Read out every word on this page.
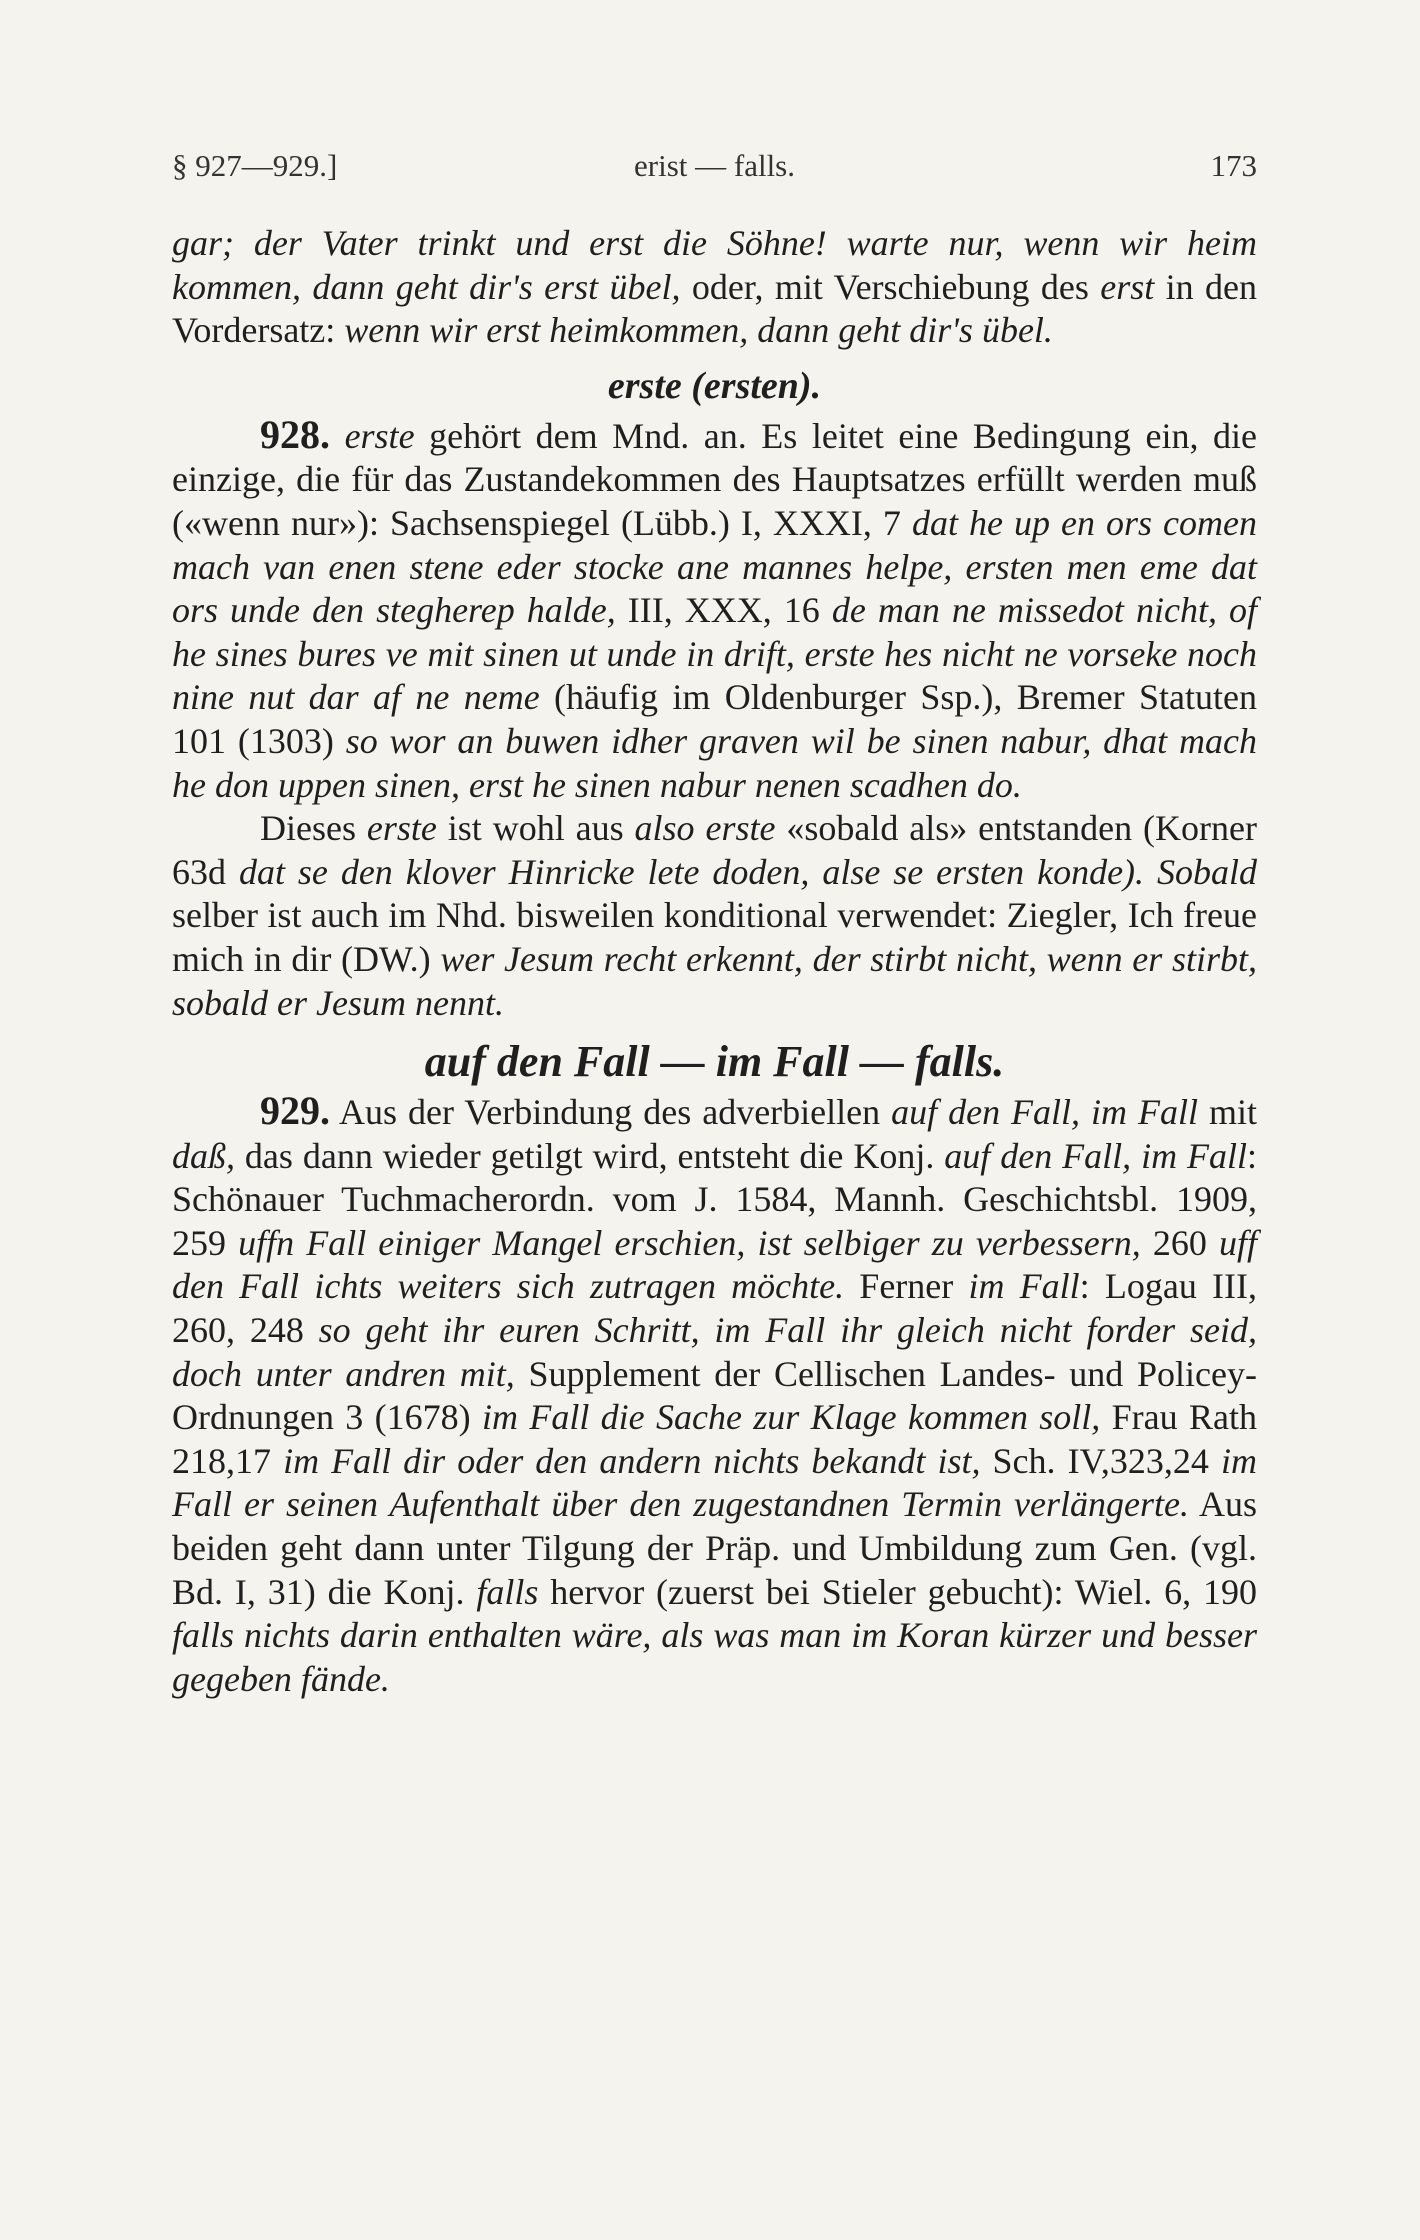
§ 927—929.]	erist — falls.	173

gar; der Vater trinkt und erst die Söhne! warte nur, wenn wir heim kommen, dann geht dir's erst übel, oder, mit Verschiebung des erst in den Vordersatz: wenn wir erst heimkommen, dann geht dir's übel.

erste (ersten).

928. erste gehört dem Mnd. an. Es leitet eine Bedingung ein, die einzige, die für das Zustandekommen des Hauptsatzes erfüllt werden muß («wenn nur»): Sachsenspiegel (Lübb.) I, XXXI, 7 dat he up en ors comen mach van enen stene eder stocke ane mannes helpe, ersten men eme dat ors unde den stegherep halde, III, XXX, 16 de man ne missedot nicht, of he sines bures ve mit sinen ut unde in drift, erste hes nicht ne vorseke noch nine nut dar af ne neme (häufig im Oldenburger Ssp.), Bremer Statuten 101 (1303) so wor an buwen idher graven wil be sinen nabur, dhat mach he don uppen sinen, erst he sinen nabur nenen scadhen do.

Dieses erste ist wohl aus also erste «sobald als» entstanden (Korner 63d dat se den klover Hinricke lete doden, alse se ersten konde). Sobald selber ist auch im Nhd. bisweilen konditional verwendet: Ziegler, Ich freue mich in dir (DW.) wer Jesum recht erkennt, der stirbt nicht, wenn er stirbt, sobald er Jesum nennt.

auf den Fall — im Fall — falls.

929. Aus der Verbindung des adverbiellen auf den Fall, im Fall mit daß, das dann wieder getilgt wird, entsteht die Konj. auf den Fall, im Fall: Schönauer Tuchmacherordn. vom J. 1584, Mannh. Geschichtsbl. 1909, 259 uffn Fall einiger Mangel erschien, ist selbiger zu verbessern, 260 uff den Fall ichts weiters sich zutragen möchte. Ferner im Fall: Logau III, 260, 248 so geht ihr euren Schritt, im Fall ihr gleich nicht forder seid, doch unter andren mit, Supplement der Cellischen Landes- und Policey-Ordnungen 3 (1678) im Fall die Sache zur Klage kommen soll, Frau Rath 218,17 im Fall dir oder den andern nichts bekandt ist, Sch. IV,323,24 im Fall er seinen Aufenthalt über den zugestandnen Termin verlängerte. Aus beiden geht dann unter Tilgung der Präp. und Umbildung zum Gen. (vgl. Bd. I, 31) die Konj. falls hervor (zuerst bei Stieler gebucht): Wiel. 6, 190 falls nichts darin enthalten wäre, als was man im Koran kürzer und besser gegeben fände.
